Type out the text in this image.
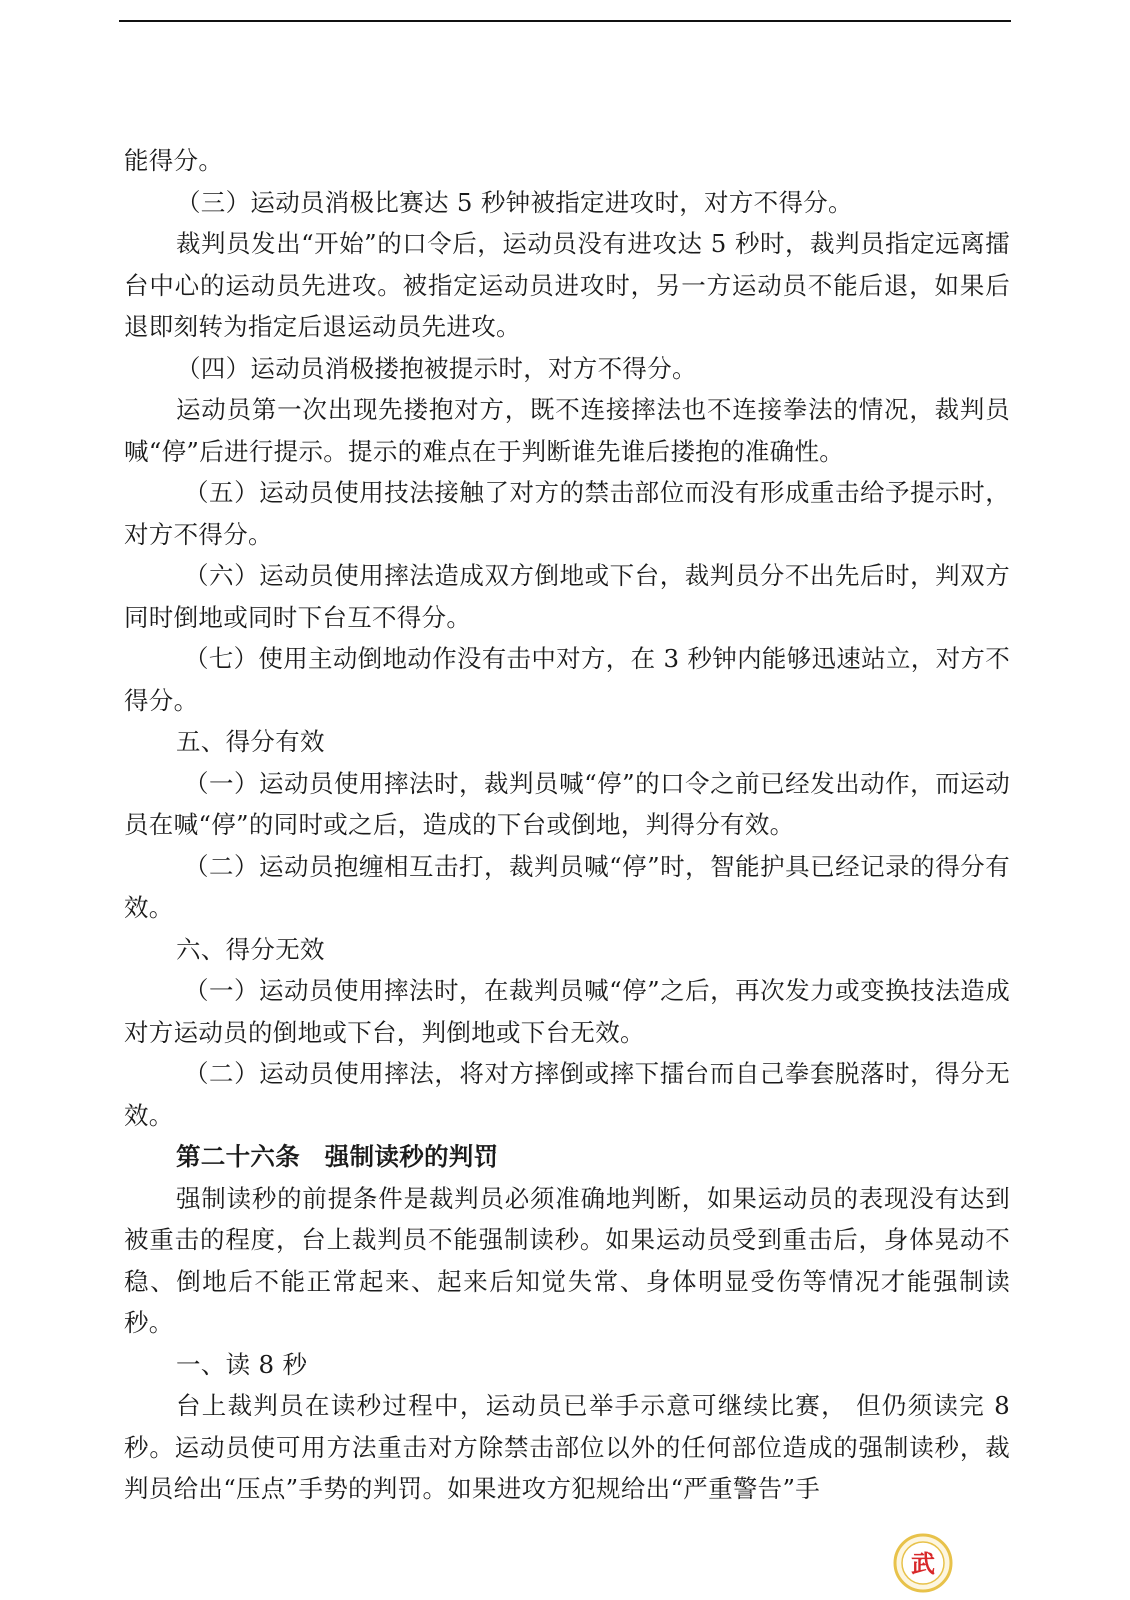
能得分。

（三）运动员消极比赛达 5 秒钟被指定进攻时，对方不得分。

裁判员发出“开始”的口令后，运动员没有进攻达 5 秒时，裁判员指定远离擂台中心的运动员先进攻。被指定运动员进攻时，另一方运动员不能后退，如果后退即刻转为指定后退运动员先进攻。

（四）运动员消极搂抱被提示时，对方不得分。

运动员第一次出现先搂抱对方，既不连接摔法也不连接拳法的情况，裁判员喊“停”后进行提示。提示的难点在于判断谁先谁后搂抱的准确性。

（五）运动员使用技法接触了对方的禁击部位而没有形成重击给予提示时，对方不得分。

（六）运动员使用摔法造成双方倒地或下台，裁判员分不出先后时，判双方同时倒地或同时下台互不得分。

（七）使用主动倒地动作没有击中对方，在 3 秒钟内能够迅速站立，对方不得分。

五、得分有效

（一）运动员使用摔法时，裁判员喊“停”的口令之前已经发出动作，而运动员在喊“停”的同时或之后，造成的下台或倒地，判得分有效。

（二）运动员抱缠相互击打，裁判员喊“停”时，智能护具已经记录的得分有效。

六、得分无效

（一）运动员使用摔法时，在裁判员喊“停”之后，再次发力或变换技法造成对方运动员的倒地或下台，判倒地或下台无效。

（二）运动员使用摔法，将对方摔倒或摔下擂台而自己拳套脱落时，得分无效。

第二十六条　强制读秒的判罚

强制读秒的前提条件是裁判员必须准确地判断，如果运动员的表现没有达到被重击的程度，台上裁判员不能强制读秒。如果运动员受到重击后，身体晃动不稳、倒地后不能正常起来、起来后知觉失常、身体明显受伤等情况才能强制读秒。

一、读 8 秒

台上裁判员在读秒过程中，运动员已举手示意可继续比赛， 但仍须读完 8 秒。运动员使可用方法重击对方除禁击部位以外的任何部位造成的强制读秒，裁判员给出“压点”手势的判罚。如果进攻方犯规给出“严重警告”手

武
